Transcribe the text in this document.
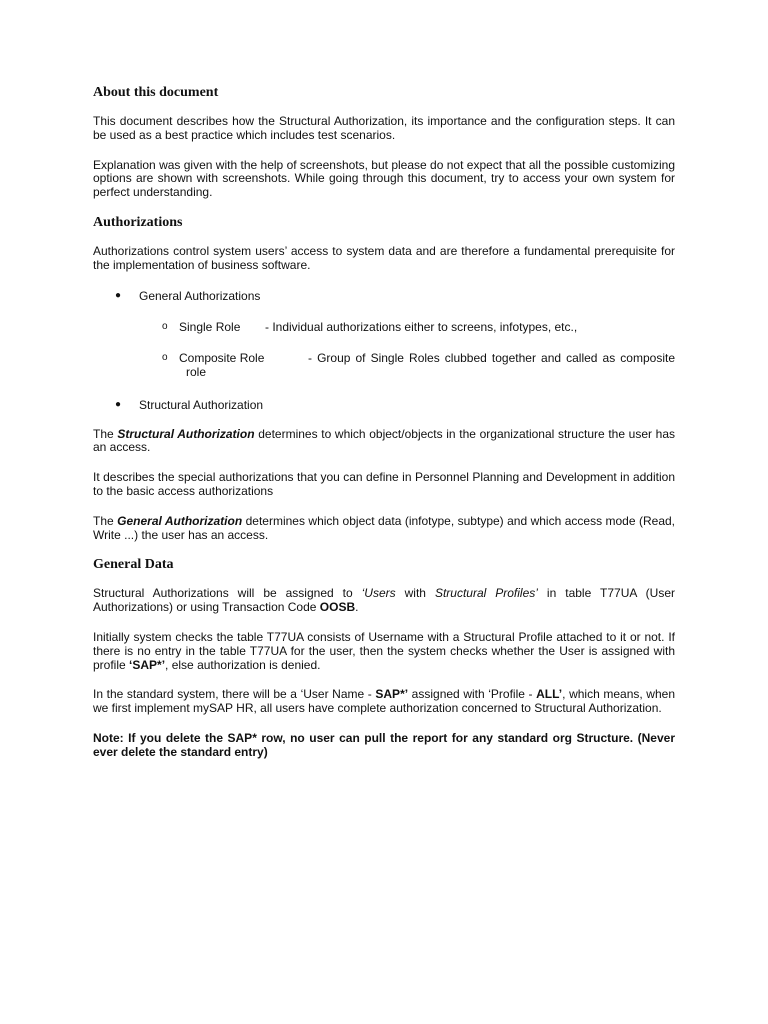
About this document

This document describes how the Structural Authorization, its importance and the configuration steps. It can be used as a best practice which includes test scenarios.

Explanation was given with the help of screenshots, but please do not expect that all the possible customizing options are shown with screenshots. While going through this document, try to access your own system for perfect understanding.

Authorizations

Authorizations control system users’ access to system data and are therefore a fundamental prerequisite for the implementation of business software.

● General Authorizations
o Single Role - Individual authorizations either to screens, infotypes, etc.,
o Composite Role	- Group of Single Roles clubbed together and called as composite
role
● Structural Authorization

The Structural Authorization determines to which object/objects in the organizational structure the user has an access.

It describes the special authorizations that you can define in Personnel Planning and Development in addition to the basic access authorizations

The General Authorization determines which object data (infotype, subtype) and which access mode (Read, Write ...) the user has an access.

General Data

Structural Authorizations will be assigned to ‘Users with Structural Profiles’ in table T77UA (User Authorizations) or using Transaction Code OOSB.

Initially system checks the table T77UA consists of Username with a Structural Profile attached to it or not. If there is no entry in the table T77UA for the user, then the system checks whether the User is assigned with profile ‘SAP*’, else authorization is denied.

In the standard system, there will be a ‘User Name - SAP*’ assigned with ‘Profile - ALL’, which means, when we first implement mySAP HR, all users have complete authorization concerned to Structural Authorization.

Note: If you delete the SAP* row, no user can pull the report for any standard org Structure. (Never ever delete the standard entry)
